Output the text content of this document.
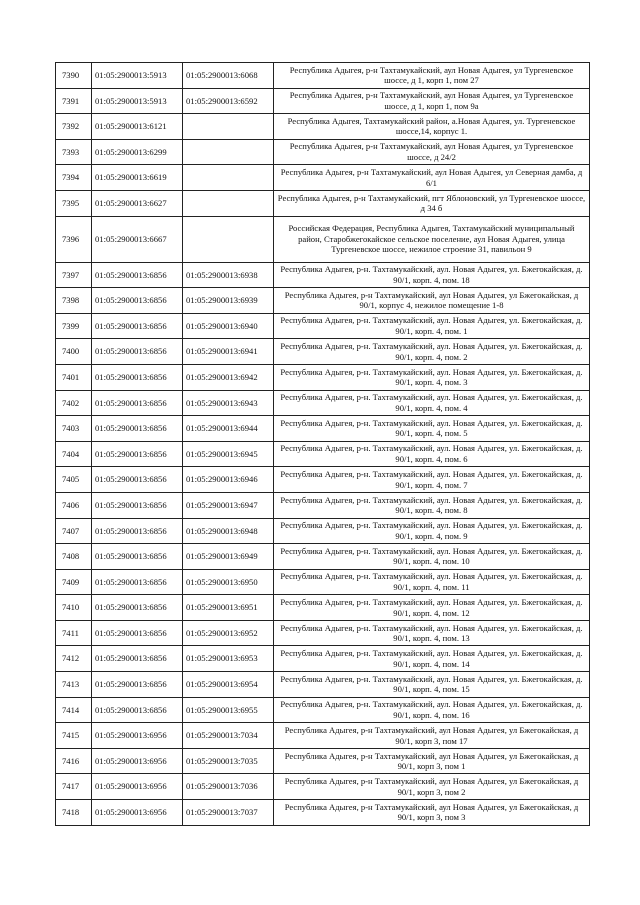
7390	01:05:2900013:5913	01:05:2900013:6068	Республика Адыгея, р-н Тахтамукайский, аул Новая Адыгея, ул Тургеневское шоссе, д 1, корп 1, пом 27
7391	01:05:2900013:5913	01:05:2900013:6592	Республика Адыгея, р-н Тахтамукайский, аул Новая Адыгея, ул Тургеневское шоссе, д 1, корп 1, пом 9а
7392	01:05:2900013:6121		Республика Адыгея, Тахтамукайский район, а.Новая Адыгея, ул. Тургеневское шоссе,14, корпус 1.
7393	01:05:2900013:6299		Республика Адыгея, р-н Тахтамукайский, аул Новая Адыгея, ул Тургеневское шоссе, д 24/2
7394	01:05:2900013:6619		Республика Адыгея, р-н Тахтамукайский, аул Новая Адыгея, ул Северная дамба, д 6/1
7395	01:05:2900013:6627		Республика Адыгея, р-н Тахтамукайский, пгт Яблоновский, ул Тургеневское шоссе, д 34 б
7396	01:05:2900013:6667		Российская Федерация, Республика Адыгея, Тахтамукайский муниципальный район, Старобжегокайское сельское поселение, аул Новая Адыгея, улица Тургеневское шоссе, нежилое строение 31, павильон 9
7397	01:05:2900013:6856	01:05:2900013:6938	Республика Адыгея, р-н. Тахтамукайский, аул. Новая Адыгея, ул. Бжегокайская, д. 90/1, корп. 4, пом. 18
7398	01:05:2900013:6856	01:05:2900013:6939	Республика Адыгея, р-н Тахтамукайский, аул Новая Адыгея, ул Бжегокайская, д 90/1, корпус 4, нежилое помещение 1-8
7399	01:05:2900013:6856	01:05:2900013:6940	Республика Адыгея, р-н. Тахтамукайский, аул. Новая Адыгея, ул. Бжегокайская, д. 90/1, корп. 4, пом. 1
7400	01:05:2900013:6856	01:05:2900013:6941	Республика Адыгея, р-н. Тахтамукайский, аул. Новая Адыгея, ул. Бжегокайская, д. 90/1, корп. 4, пом. 2
7401	01:05:2900013:6856	01:05:2900013:6942	Республика Адыгея, р-н. Тахтамукайский, аул. Новая Адыгея, ул. Бжегокайская, д. 90/1, корп. 4, пом. 3
7402	01:05:2900013:6856	01:05:2900013:6943	Республика Адыгея, р-н. Тахтамукайский, аул. Новая Адыгея, ул. Бжегокайская, д. 90/1, корп. 4, пом. 4
7403	01:05:2900013:6856	01:05:2900013:6944	Республика Адыгея, р-н. Тахтамукайский, аул. Новая Адыгея, ул. Бжегокайская, д. 90/1, корп. 4, пом. 5
7404	01:05:2900013:6856	01:05:2900013:6945	Республика Адыгея, р-н. Тахтамукайский, аул. Новая Адыгея, ул. Бжегокайская, д. 90/1, корп. 4, пом. 6
7405	01:05:2900013:6856	01:05:2900013:6946	Республика Адыгея, р-н. Тахтамукайский, аул. Новая Адыгея, ул. Бжегокайская, д. 90/1, корп. 4, пом. 7
7406	01:05:2900013:6856	01:05:2900013:6947	Республика Адыгея, р-н. Тахтамукайский, аул. Новая Адыгея, ул. Бжегокайская, д. 90/1, корп. 4, пом. 8
7407	01:05:2900013:6856	01:05:2900013:6948	Республика Адыгея, р-н. Тахтамукайский, аул. Новая Адыгея, ул. Бжегокайская, д. 90/1, корп. 4, пом. 9
7408	01:05:2900013:6856	01:05:2900013:6949	Республика Адыгея, р-н. Тахтамукайский, аул. Новая Адыгея, ул. Бжегокайская, д. 90/1, корп. 4, пом. 10
7409	01:05:2900013:6856	01:05:2900013:6950	Республика Адыгея, р-н. Тахтамукайский, аул. Новая Адыгея, ул. Бжегокайская, д. 90/1, корп. 4, пом. 11
7410	01:05:2900013:6856	01:05:2900013:6951	Республика Адыгея, р-н. Тахтамукайский, аул. Новая Адыгея, ул. Бжегокайская, д. 90/1, корп. 4, пом. 12
7411	01:05:2900013:6856	01:05:2900013:6952	Республика Адыгея, р-н. Тахтамукайский, аул. Новая Адыгея, ул. Бжегокайская, д. 90/1, корп. 4, пом. 13
7412	01:05:2900013:6856	01:05:2900013:6953	Республика Адыгея, р-н. Тахтамукайский, аул. Новая Адыгея, ул. Бжегокайская, д. 90/1, корп. 4, пом. 14
7413	01:05:2900013:6856	01:05:2900013:6954	Республика Адыгея, р-н. Тахтамукайский, аул. Новая Адыгея, ул. Бжегокайская, д. 90/1, корп. 4, пом. 15
7414	01:05:2900013:6856	01:05:2900013:6955	Республика Адыгея, р-н. Тахтамукайский, аул. Новая Адыгея, ул. Бжегокайская, д. 90/1, корп. 4, пом. 16
7415	01:05:2900013:6956	01:05:2900013:7034	Республика Адыгея, р-н Тахтамукайский, аул Новая Адыгея, ул Бжегокайская, д 90/1, корп 3, пом 17
7416	01:05:2900013:6956	01:05:2900013:7035	Республика Адыгея, р-н Тахтамукайский, аул Новая Адыгея, ул Бжегокайская, д 90/1, корп 3, пом 1
7417	01:05:2900013:6956	01:05:2900013:7036	Республика Адыгея, р-н Тахтамукайский, аул Новая Адыгея, ул Бжегокайская, д 90/1, корп 3, пом 2
7418	01:05:2900013:6956	01:05:2900013:7037	Республика Адыгея, р-н Тахтамукайский, аул Новая Адыгея, ул Бжегокайская, д 90/1, корп 3, пом 3
